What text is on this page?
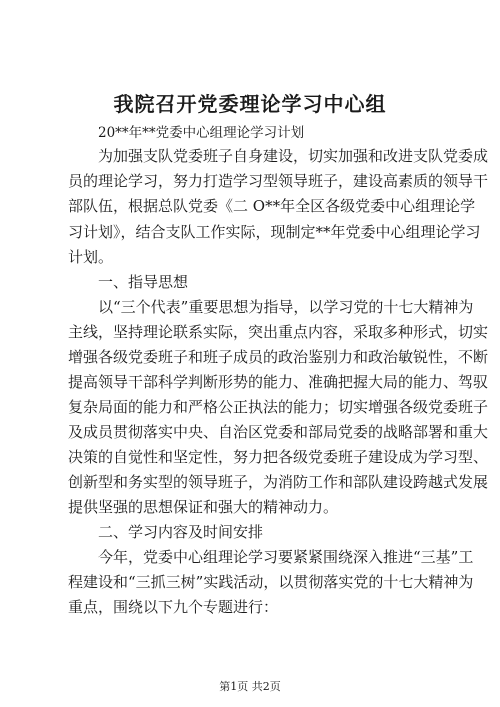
我院召开党委理论学习中心组

20**年**党委中心组理论学习计划

为加强支队党委班子自身建设，切实加强和改进支队党委成

员的理论学习，努力打造学习型领导班子，建设高素质的领导干

部队伍，根据总队党委《二 O**年全区各级党委中心组理论学

习计划》，结合支队工作实际，现制定**年党委中心组理论学习

计划。

一、指导思想

以“三个代表”重要思想为指导，以学习党的十七大精神为

主线，坚持理论联系实际，突出重点内容，采取多种形式，切实

增强各级党委班子和班子成员的政治鉴别力和政治敏锐性，不断

提高领导干部科学判断形势的能力、准确把握大局的能力、驾驭

复杂局面的能力和严格公正执法的能力；切实增强各级党委班子

及成员贯彻落实中央、自治区党委和部局党委的战略部署和重大

决策的自觉性和坚定性，努力把各级党委班子建设成为学习型、

创新型和务实型的领导班子，为消防工作和部队建设跨越式发展

提供坚强的思想保证和强大的精神动力。

二、学习内容及时间安排

今年，党委中心组理论学习要紧紧围绕深入推进“三基”工

程建设和“三抓三树”实践活动，以贯彻落实党的十七大精神为

重点，围绕以下九个专题进行：

第1页 共2页
